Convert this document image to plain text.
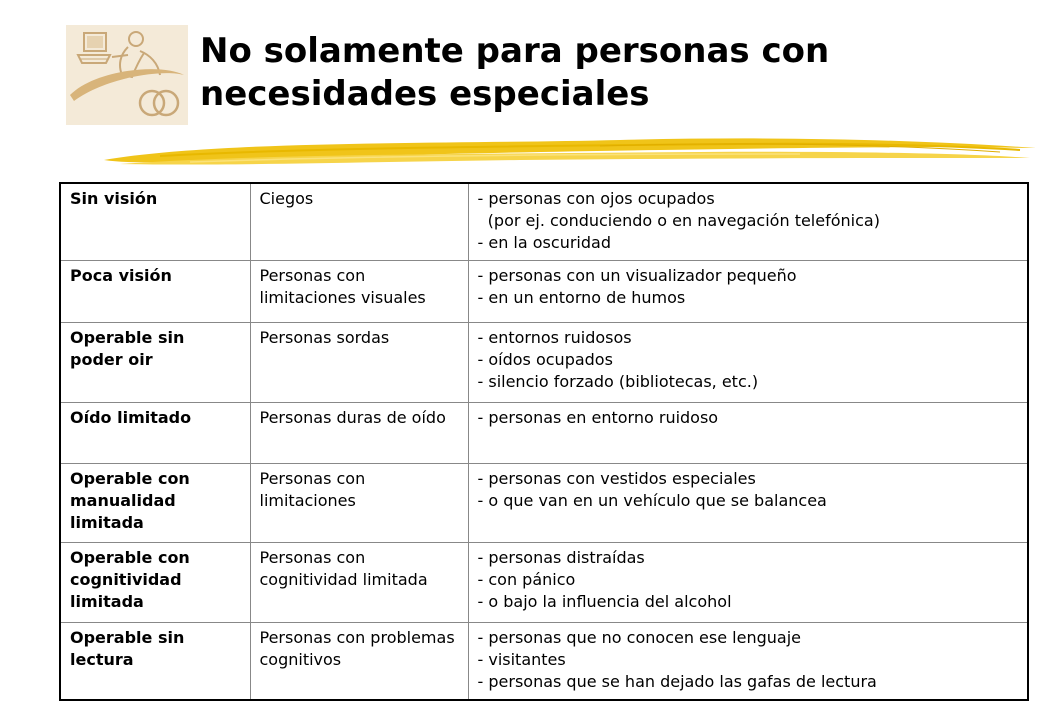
No solamente para personas con
necesidades especiales
Sin visión	Ciegos	- personas con ojos ocupados
(por ej. conduciendo o en navegación telefónica)
- en la oscuridad

Poca visión	Personas con limitaciones visuales	- personas con un visualizador pequeño
- en un entorno de humos

Operable sin poder oir	Personas sordas	- entornos ruidosos
- oídos ocupados
- silencio forzado (bibliotecas, etc.)

Oído limitado	Personas duras de oído	- personas en entorno ruidoso

Operable con manualidad limitada	Personas con limitaciones	- personas con vestidos especiales
- o que van en un vehículo que se balancea

Operable con cognitividad limitada	Personas con cognitividad limitada	- personas distraídas
- con pánico
- o bajo la influencia del alcohol

Operable sin lectura	Personas con problemas cognitivos	- personas que no conocen ese lenguaje
- visitantes
- personas que se han dejado las gafas de lectura
